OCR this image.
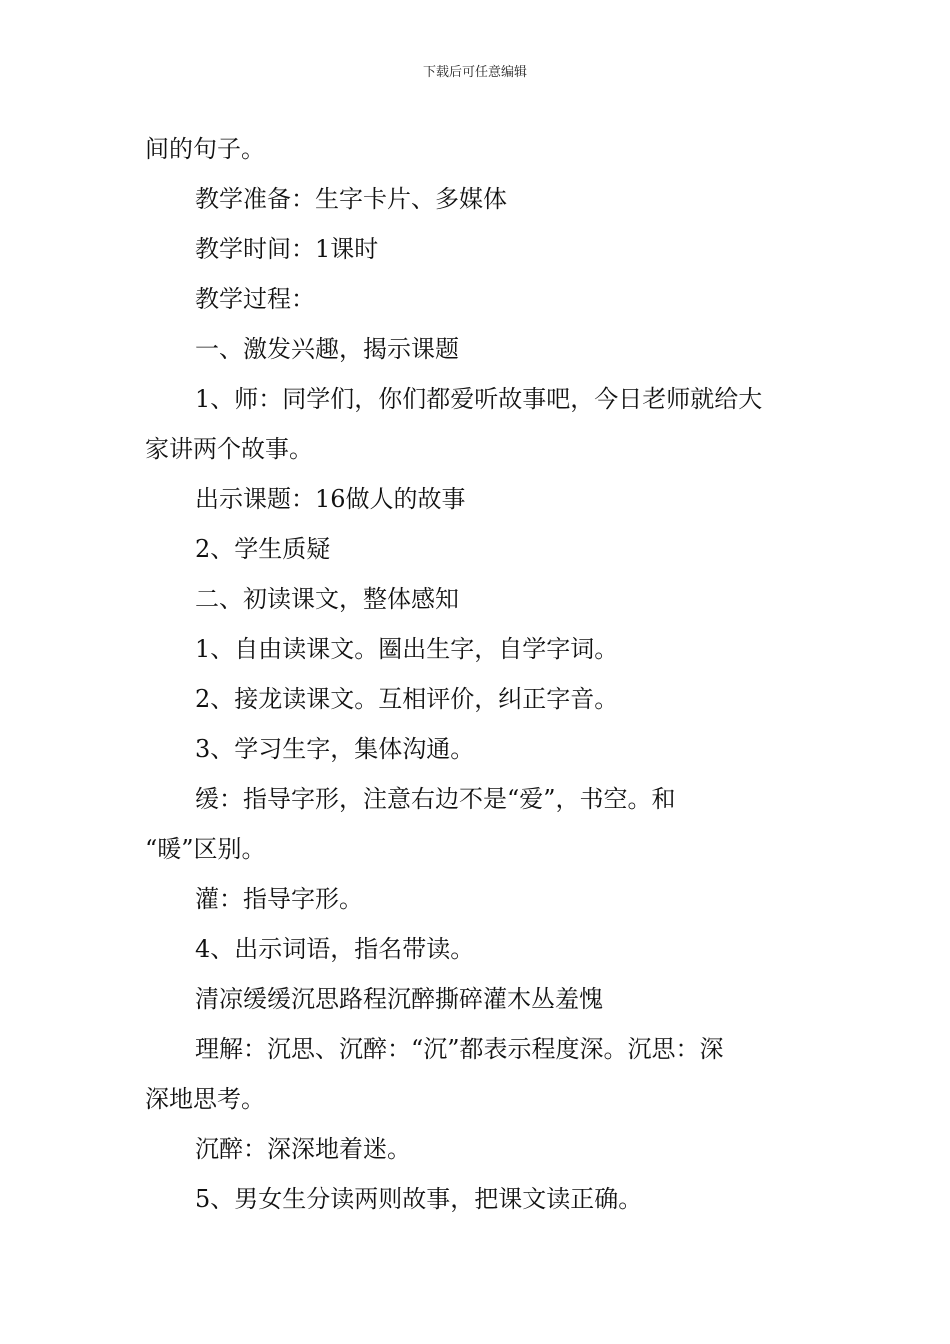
下载后可任意编辑
间的句子。
教学准备：生字卡片、多媒体
教学时间：1课时
教学过程：
一、激发兴趣，揭示课题
1、师：同学们，你们都爱听故事吧，今日老师就给大
家讲两个故事。
出示课题：16做人的故事
2、学生质疑
二、初读课文，整体感知
1、自由读课文。圈出生字，自学字词。
2、接龙读课文。互相评价，纠正字音。
3、学习生字，集体沟通。
缓：指导字形，注意右边不是“爱”，书空。和
“暖”区别。
灌：指导字形。
4、出示词语，指名带读。
清凉缓缓沉思路程沉醉撕碎灌木丛羞愧
理解：沉思、沉醉：“沉”都表示程度深。沉思：深
深地思考。
沉醉：深深地着迷。
5、男女生分读两则故事，把课文读正确。
